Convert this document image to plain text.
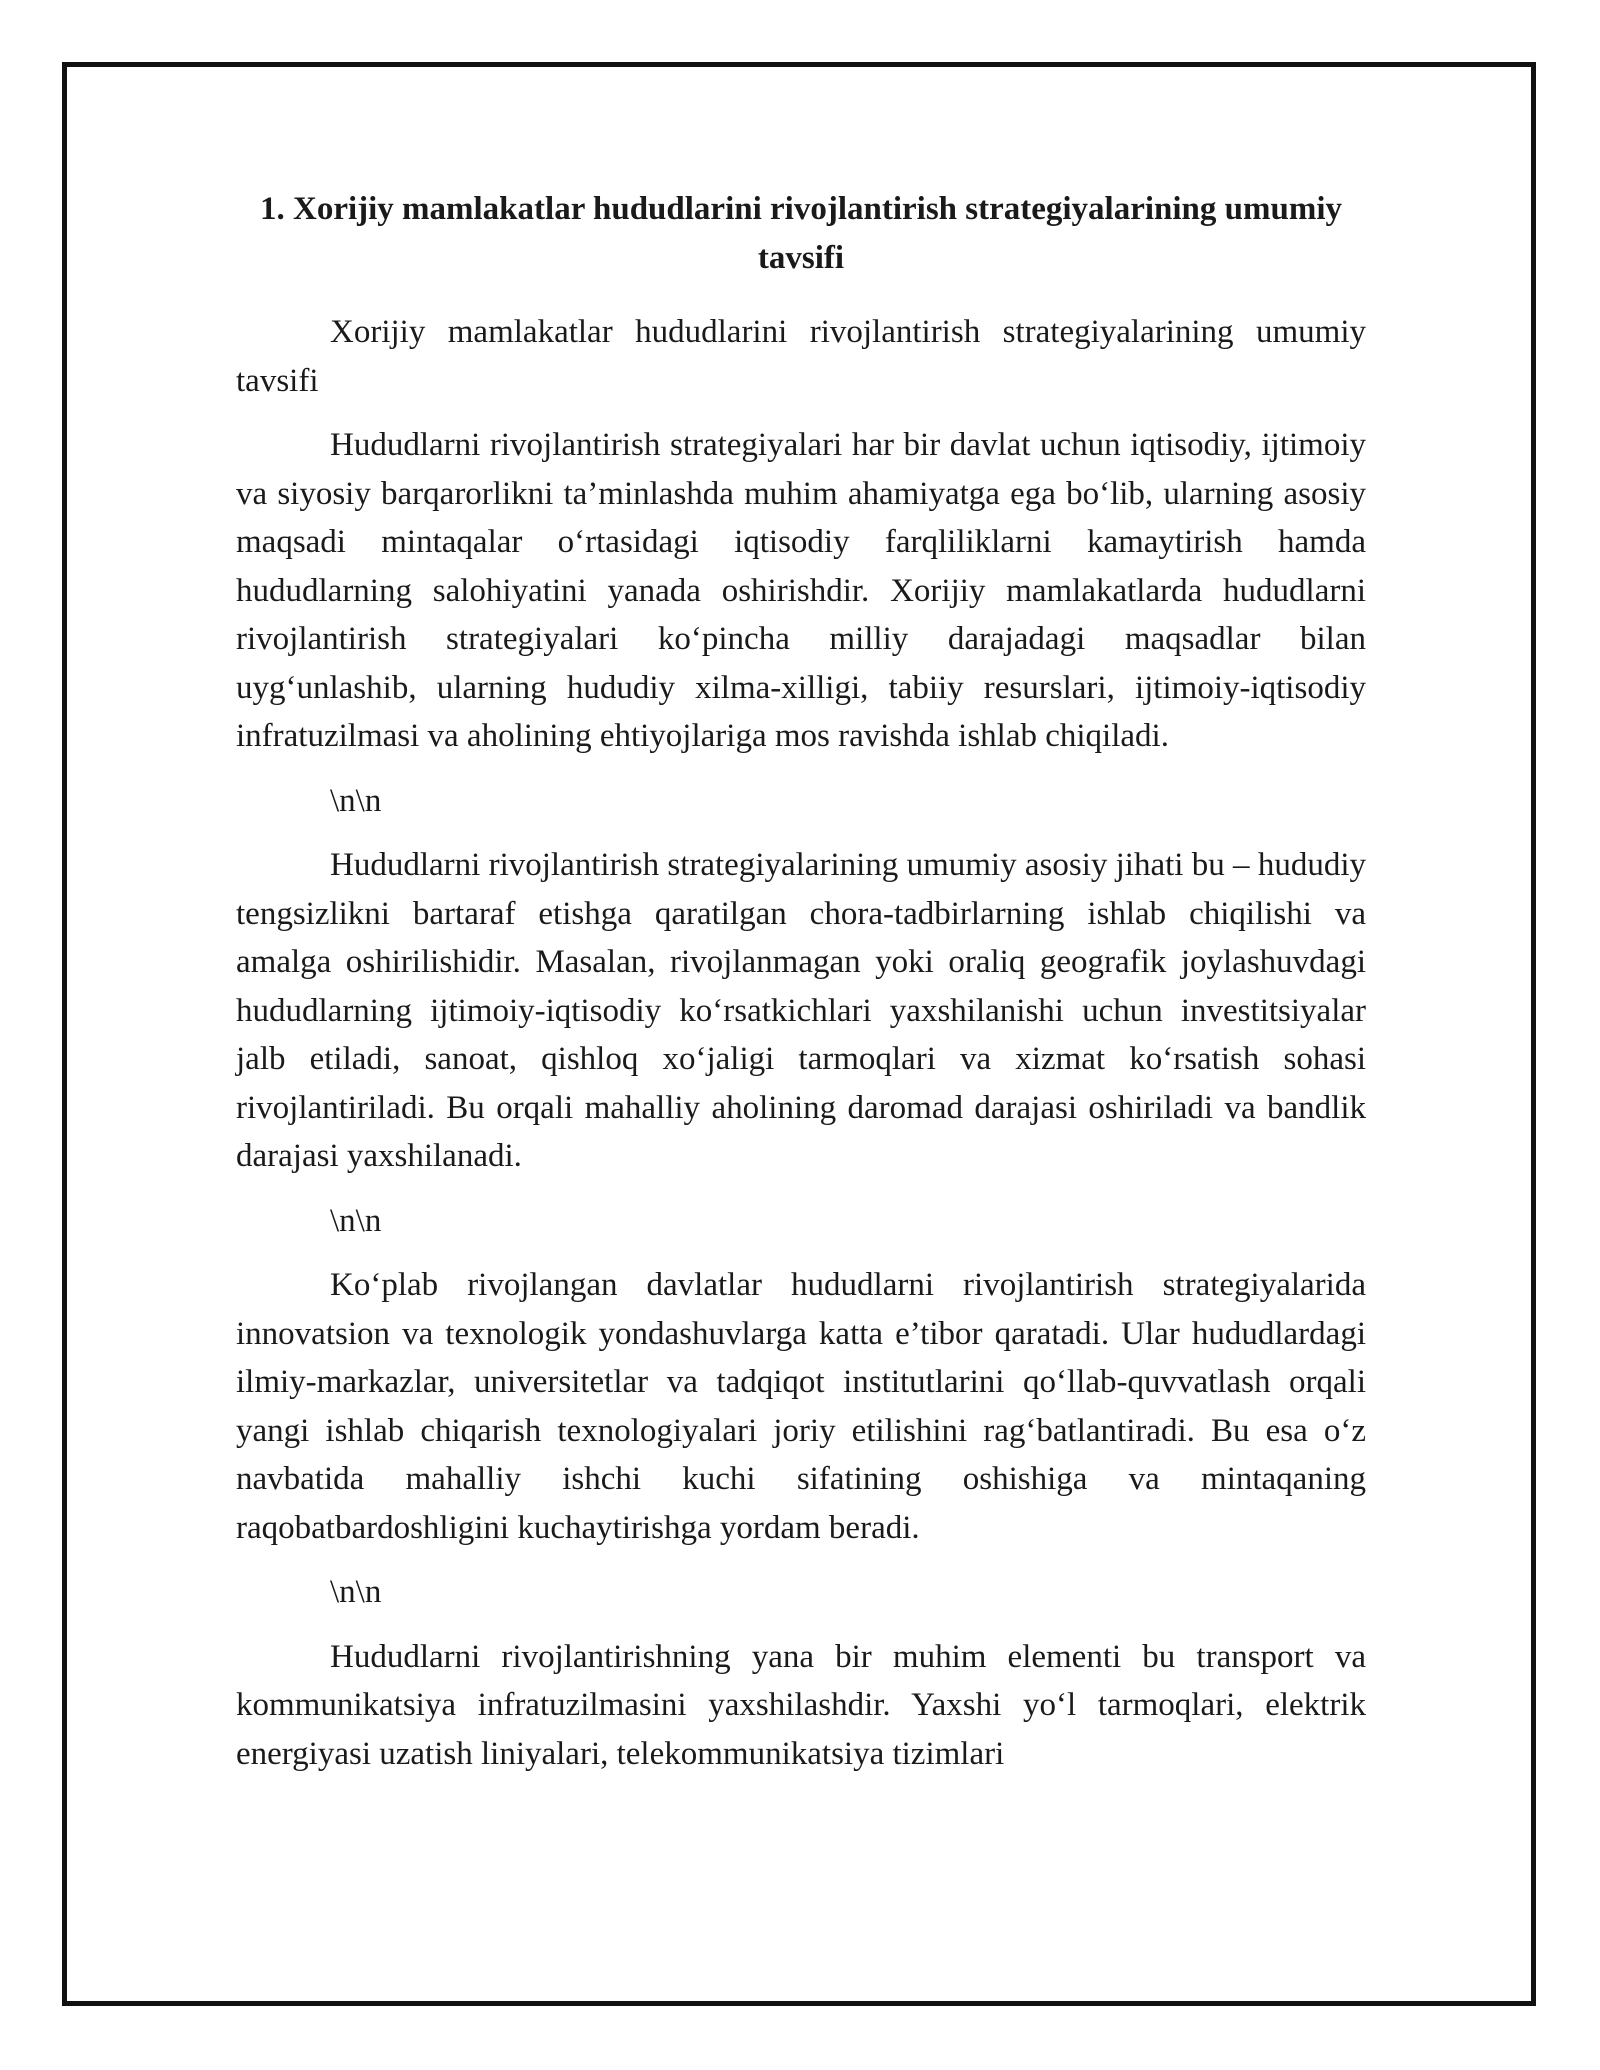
1. Xorijiy mamlakatlar hududlarini rivojlantirish strategiyalarining umumiy tavsifi

Xorijiy mamlakatlar hududlarini rivojlantirish strategiyalarining umumiy tavsifi

Hududlarni rivojlantirish strategiyalari har bir davlat uchun iqtisodiy, ijtimoiy va siyosiy barqarorlikni ta’minlashda muhim ahamiyatga ega bo‘lib, ularning asosiy maqsadi mintaqalar o‘rtasidagi iqtisodiy farqliliklarni kamaytirish hamda hududlarning salohiyatini yanada oshirishdir. Xorijiy mamlakatlarda hududlarni rivojlantirish strategiyalari ko‘pincha milliy darajadagi maqsadlar bilan uyg‘unlashib, ularning hududiy xilma-xilligi, tabiiy resurslari, ijtimoiy-iqtisodiy infratuzilmasi va aholining ehtiyojlariga mos ravishda ishlab chiqiladi.

\n\n

Hududlarni rivojlantirish strategiyalarining umumiy asosiy jihati bu – hududiy tengsizlikni bartaraf etishga qaratilgan chora-tadbirlarning ishlab chiqilishi va amalga oshirilishidir. Masalan, rivojlanmagan yoki oraliq geografik joylashuvdagi hududlarning ijtimoiy-iqtisodiy ko‘rsatkichlari yaxshilanishi uchun investitsiyalar jalb etiladi, sanoat, qishloq xo‘jaligi tarmoqlari va xizmat ko‘rsatish sohasi rivojlantiriladi. Bu orqali mahalliy aholining daromad darajasi oshiriladi va bandlik darajasi yaxshilanadi.

\n\n

Ko‘plab rivojlangan davlatlar hududlarni rivojlantirish strategiyalarida innovatsion va texnologik yondashuvlarga katta e’tibor qaratadi. Ular hududlardagi ilmiy-markazlar, universitetlar va tadqiqot institutlarini qo‘llab-quvvatlash orqali yangi ishlab chiqarish texnologiyalari joriy etilishini rag‘batlantiradi. Bu esa o‘z navbatida mahalliy ishchi kuchi sifatining oshishiga va mintaqaning raqobatbardoshligini kuchaytirishga yordam beradi.

\n\n

Hududlarni rivojlantirishning yana bir muhim elementi bu transport va kommunikatsiya infratuzilmasini yaxshilashdir. Yaxshi yo‘l tarmoqlari, elektrik energiyasi uzatish liniyalari, telekommunikatsiya tizimlari
